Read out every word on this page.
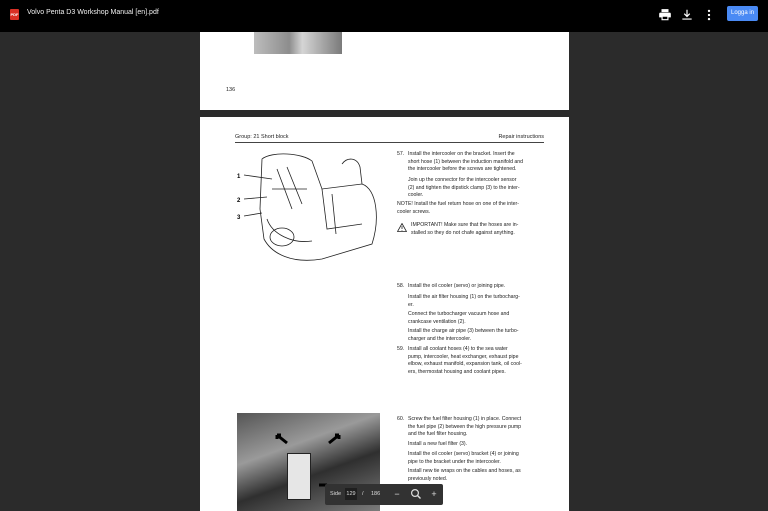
PDF Volvo Penta D3 Workshop Manual [en].pdf	Logga in
136
Group: 21 Short block	Repair instructions
1
2
3
57. Install the intercooler on the bracket. Insert the
short hose (1) between the induction manifold and
the intercooler before the screws are tightened.
Join up the connector for the intercooler sensor
(2) and tighten the dipstick clamp (3) to the inter-
cooler.
NOTE! Install the fuel return hose on one of the inter-
cooler screws.
IMPORTANT! Make sure that the hoses are in-
stalled so they do not chafe against anything.
58. Install the oil cooler (servo) or joining pipe.
Install the air filter housing (1) on the turbocharg-
er.
Connect the turbocharger vacuum hose and
crankcase ventilation (2).
Install the charge air pipe (3) between the turbo-
charger and the intercooler.
59. Install all coolant hoses (4) to the sea water
pump, intercooler, heat exchanger, exhaust pipe
elbow, exhaust manifold, expansion tank, oil cool-
ers, thermostat housing and coolant pipes.
60. Screw the fuel filter housing (1) in place. Connect
the fuel pipe (2) between the high pressure pump
and the fuel filter housing.
Install a new fuel filter (3).
Install the oil cooler (servo) bracket (4) or joining
pipe to the bracket under the intercooler.
Install new tie wraps on the cables and hoses, as
previously noted.
Side 129 / 186	−	+
